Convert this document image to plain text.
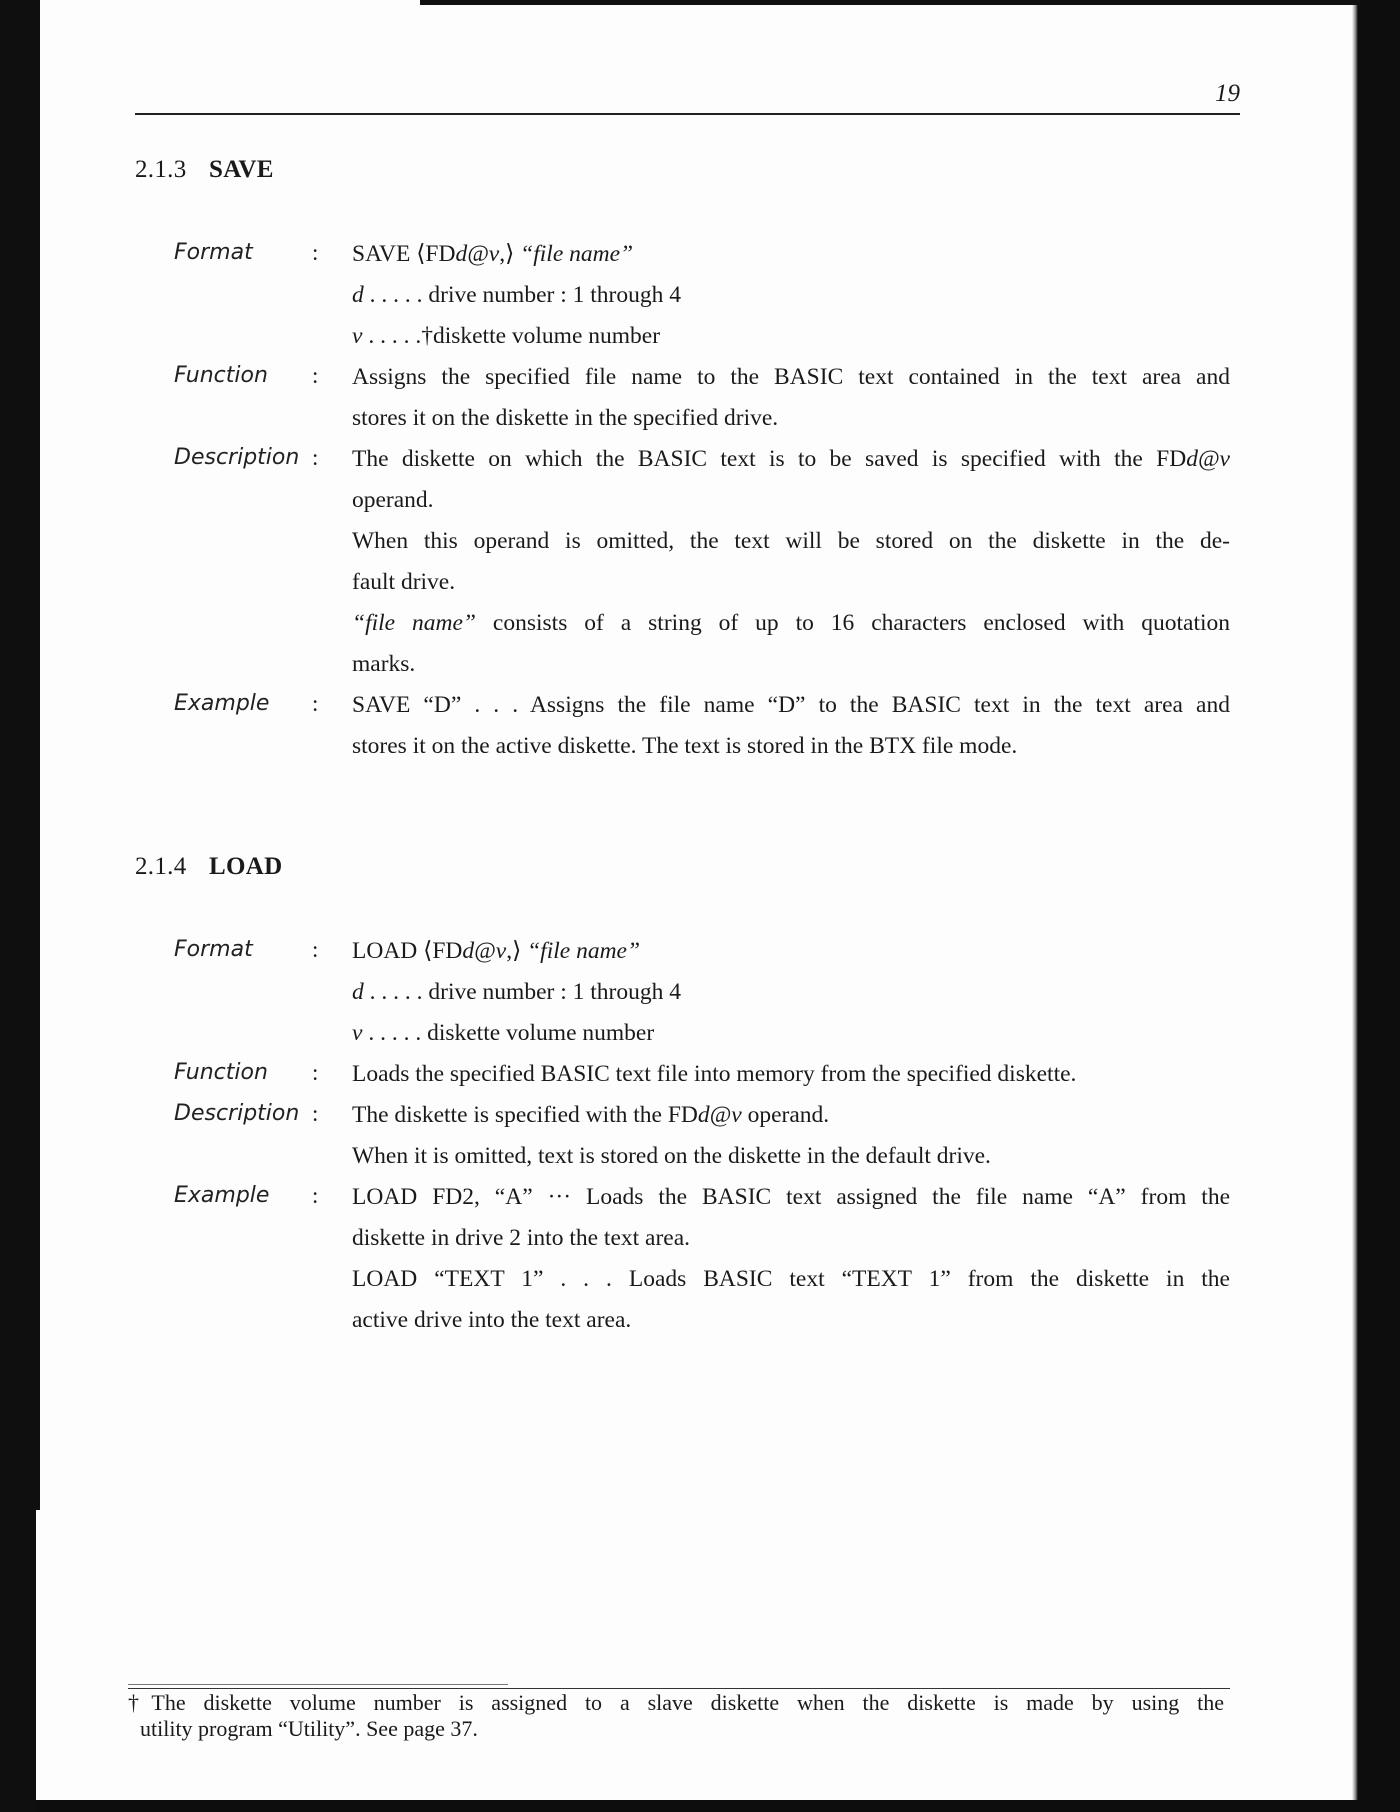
19
2.1.3 SAVE
Format	: SAVE ⟨FDd@v,⟩ “file name”
d . . . . . drive number : 1 through 4
v . . . . .†diskette volume number
Function : Assigns the specified file name to the BASIC text contained in the text area and
stores it on the diskette in the specified drive.
Description : The diskette on which the BASIC text is to be saved is specified with the FDd@v
operand.
When this operand is omitted, the text will be stored on the diskette in the de-
fault drive.
“file name” consists of a string of up to 16 characters enclosed with quotation
marks.
Example : SAVE “D” . . . Assigns the file name “D” to the BASIC text in the text area and
stores it on the active diskette. The text is stored in the BTX file mode.
2.1.4 LOAD
Format	: LOAD ⟨FDd@v,⟩ “file name”
d . . . . . drive number : 1 through 4
v . . . . . diskette volume number
Function : Loads the specified BASIC text file into memory from the specified diskette.
Description : The diskette is specified with the FDd@v operand.
When it is omitted, text is stored on the diskette in the default drive.
Example : LOAD FD2, “A” ··· Loads the BASIC text assigned the file name “A” from the
diskette in drive 2 into the text area.
LOAD “TEXT 1” . . . Loads BASIC text “TEXT 1” from the diskette in the
active drive into the text area.
†The diskette volume number is assigned to a slave diskette when the diskette is made by using the
utility program “Utility”. See page 37.
